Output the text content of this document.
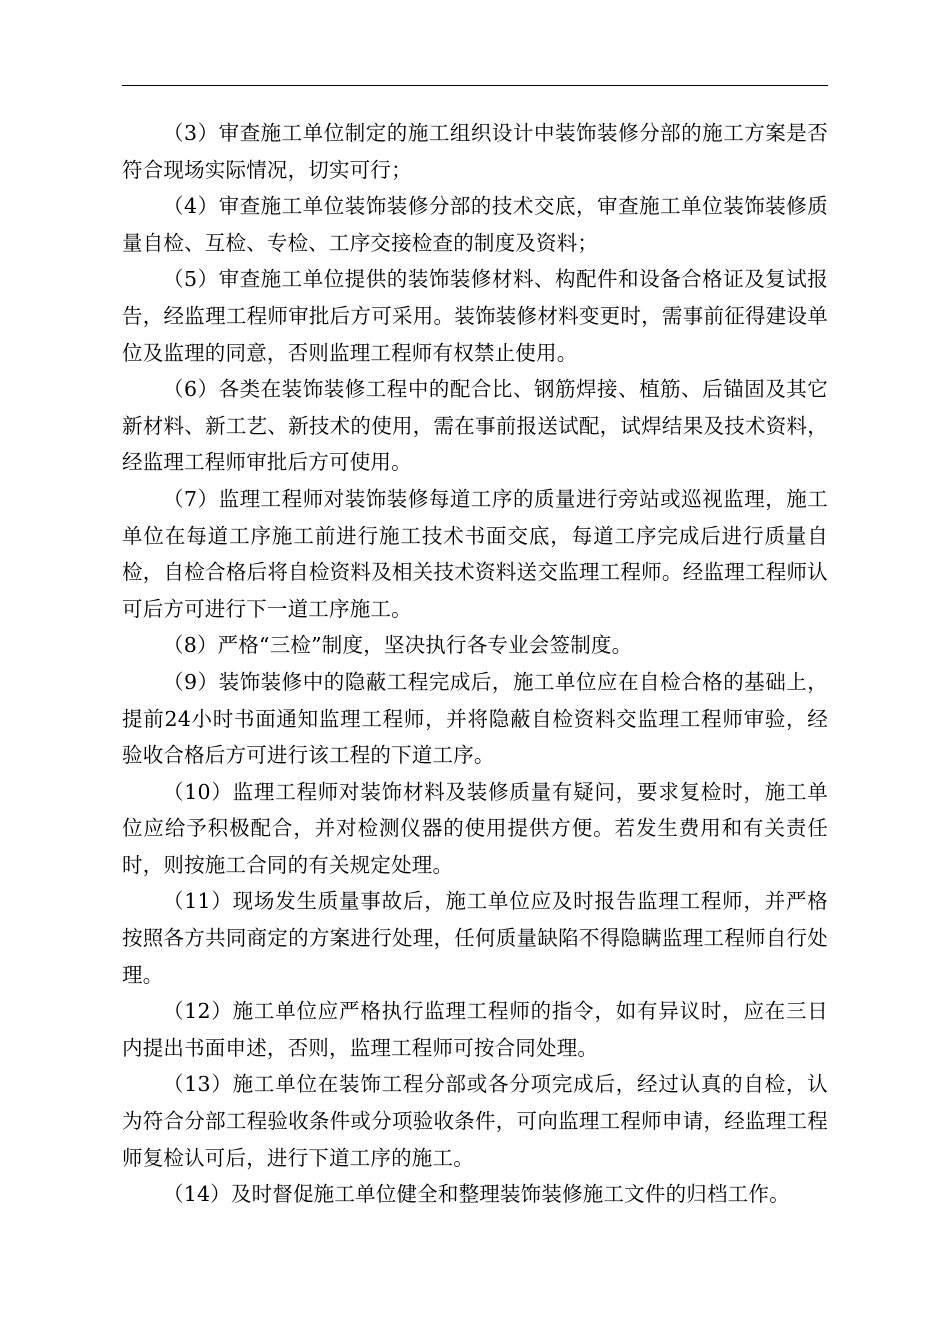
（3）审查施工单位制定的施工组织设计中装饰装修分部的施工方案是否符合现场实际情况，切实可行；

（4）审查施工单位装饰装修分部的技术交底，审查施工单位装饰装修质量自检、互检、专检、工序交接检查的制度及资料；

（5）审查施工单位提供的装饰装修材料、构配件和设备合格证及复试报告，经监理工程师审批后方可采用。装饰装修材料变更时，需事前征得建设单位及监理的同意，否则监理工程师有权禁止使用。

（6）各类在装饰装修工程中的配合比、钢筋焊接、植筋、后锚固及其它新材料、新工艺、新技术的使用，需在事前报送试配，试焊结果及技术资料，经监理工程师审批后方可使用。

（7）监理工程师对装饰装修每道工序的质量进行旁站或巡视监理，施工单位在每道工序施工前进行施工技术书面交底，每道工序完成后进行质量自检，自检合格后将自检资料及相关技术资料送交监理工程师。经监理工程师认可后方可进行下一道工序施工。

（8）严格“三检”制度，坚决执行各专业会签制度。

（9）装饰装修中的隐蔽工程完成后，施工单位应在自检合格的基础上，提前24小时书面通知监理工程师，并将隐蔽自检资料交监理工程师审验，经验收合格后方可进行该工程的下道工序。

（10）监理工程师对装饰材料及装修质量有疑问，要求复检时，施工单位应给予积极配合，并对检测仪器的使用提供方便。若发生费用和有关责任时，则按施工合同的有关规定处理。

（11）现场发生质量事故后，施工单位应及时报告监理工程师，并严格按照各方共同商定的方案进行处理，任何质量缺陷不得隐瞒监理工程师自行处理。

（12）施工单位应严格执行监理工程师的指令，如有异议时，应在三日内提出书面申述，否则，监理工程师可按合同处理。

（13）施工单位在装饰工程分部或各分项完成后，经过认真的自检，认为符合分部工程验收条件或分项验收条件，可向监理工程师申请，经监理工程师复检认可后，进行下道工序的施工。

（14）及时督促施工单位健全和整理装饰装修施工文件的归档工作。
